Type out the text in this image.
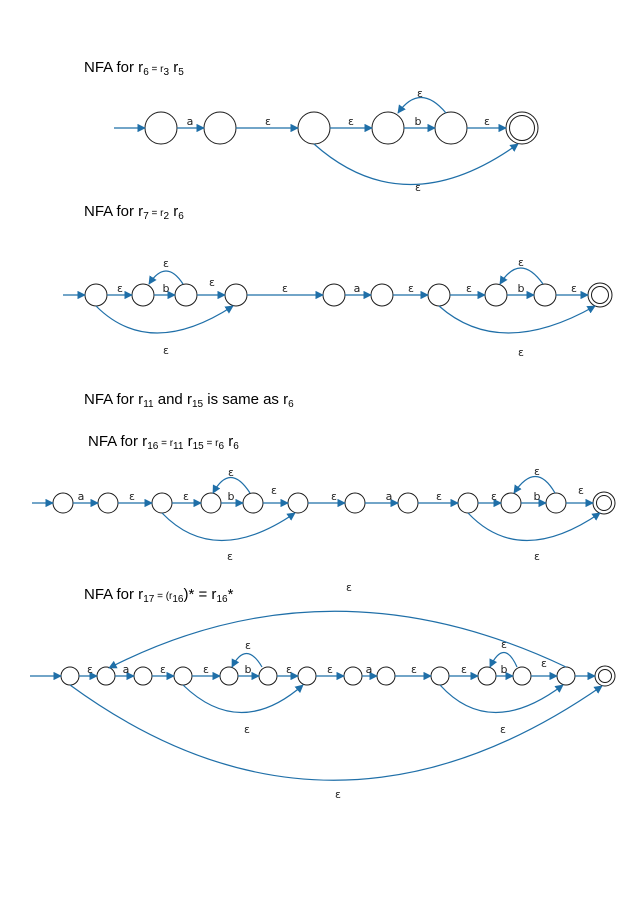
NFA for $r_6$ $^{= r}_3$ $r_5$
NFA for $r_7$ $^{= r}_2$ $r_6$
NFA for $r_{11}$ and $r_{15}$ is same as $r_6$
NFA for $r_{16}$ $^{= r}_{11}$ $r_{15}$ $^{= r}_6$ $r_6$
NFA for $r_{17}$ $^{= (r}_{16})* = r_{16}*$
a	ε	ε	b	ε
ε
ε
ε	b
ε
ε	ε	a	ε	ε	b
ε
ε
ε	ε
a	ε	ε	b
ε
ε	ε	a	ε	ε	b
ε
ε
ε	ε
ε	a	ε	ε	b
ε
ε	ε	a	ε	ε	b
ε
ε
ε	ε
ε
ε
